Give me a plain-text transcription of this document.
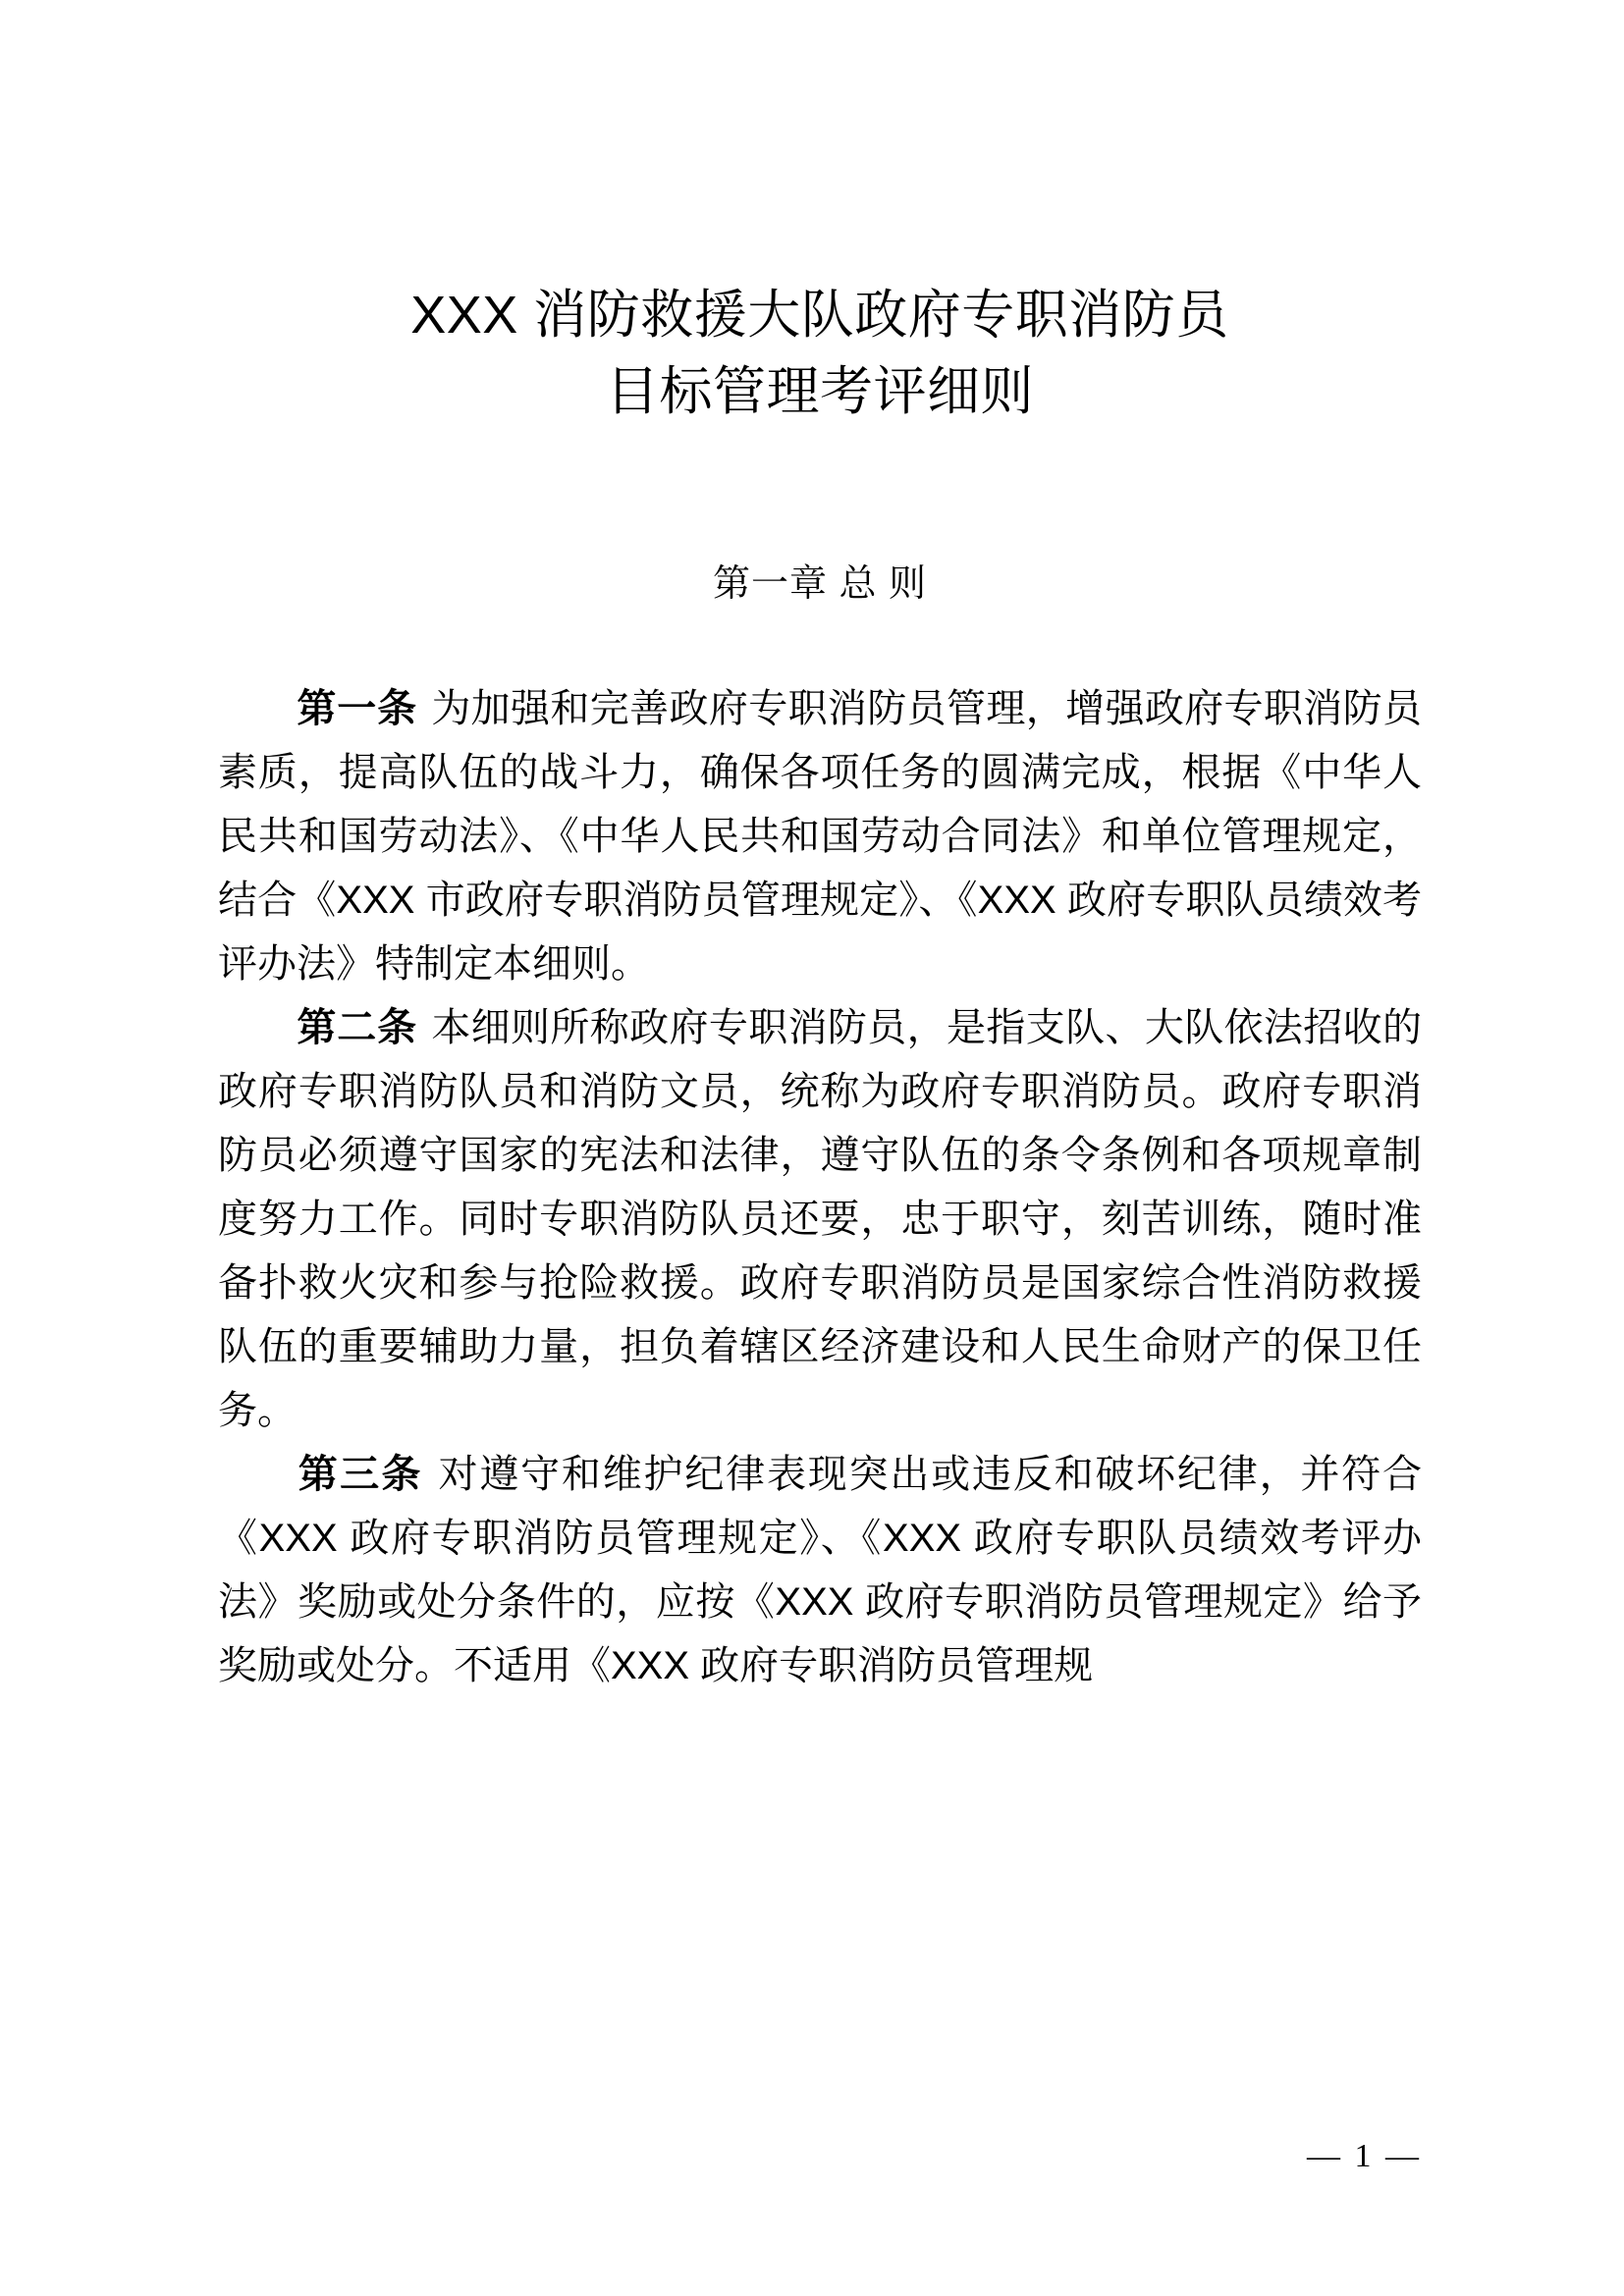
XXX 消防救援大队政府专职消防员
目标管理考评细则
第一章 总 则

第一条 为加强和完善政府专职消防员管理，增强政府专职消防员素质，提高队伍的战斗力，确保各项任务的圆满完成，根据《中华人民共和国劳动法》、《中华人民共和国劳动合同法》和单位管理规定，结合《XXX 市政府专职消防员管理规定》、《XXX 政府专职队员绩效考评办法》特制定本细则。

第二条 本细则所称政府专职消防员，是指支队、大队依法招收的政府专职消防队员和消防文员，统称为政府专职消防员。政府专职消防员必须遵守国家的宪法和法律，遵守队伍的条令条例和各项规章制度努力工作。同时专职消防队员还要，忠于职守，刻苦训练，随时准备扑救火灾和参与抢险救援。政府专职消防员是国家综合性消防救援队伍的重要辅助力量，担负着辖区经济建设和人民生命财产的保卫任务。

第三条 对遵守和维护纪律表现突出或违反和破坏纪律，并符合《XXX 政府专职消防员管理规定》、《XXX 政府专职队员绩效考评办法》奖励或处分条件的，应按《XXX 政府专职消防员管理规定》给予奖励或处分。不适用《XXX 政府专职消防员管理规

— 1 —
